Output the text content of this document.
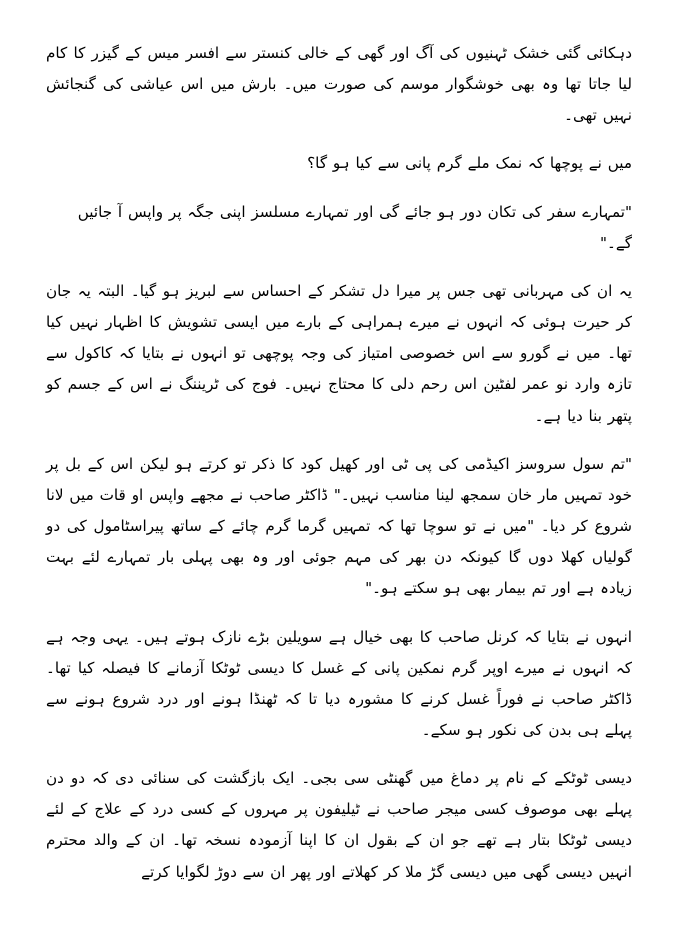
دہکائی گئی خشک ٹہنیوں کی آگ اور گھی کے خالی کنستر سے افسر میس کے گیزر کا کام لیا جاتا تھا وہ بھی خوشگوار موسم کی صورت میں۔ بارش میں اس عیاشی کی گنجائش نہیں تھی۔

میں نے پوچھا کہ نمک ملے گرم پانی سے کیا ہو گا؟

"تمہارے سفر کی تکان دور ہو جائے گی اور تمہارے مسلسز اپنی جگہ پر واپس آ جائیں گے۔"

یہ ان کی مہربانی تھی جس پر میرا دل تشکر کے احساس سے لبریز ہو گیا۔ البتہ یہ جان کر حیرت ہوئی کہ انہوں نے میرے ہمراہی کے بارے میں ایسی تشویش کا اظہار نہیں کیا تھا۔ میں نے گورو سے اس خصوصی امتیاز کی وجہ پوچھی تو انہوں نے بتایا کہ کاکول سے تازہ وارد نو عمر لفٹین اس رحم دلی کا محتاج نہیں۔ فوج کی ٹریننگ نے اس کے جسم کو پتھر بنا دیا ہے۔

"تم سول سروسز اکیڈمی کی پی ٹی اور کھیل کود کا ذکر تو کرتے ہو لیکن اس کے بل پر خود تمہیں مار خان سمجھ لینا مناسب نہیں۔" ڈاکٹر صاحب نے مجھے واپس او قات میں لانا شروع کر دیا۔ "میں نے تو سوچا تھا کہ تمہیں گرما گرم چائے کے ساتھ پیراسٹامول کی دو گولیاں کھلا دوں گا کیونکہ دن بھر کی مہم جوئی اور وہ بھی پہلی بار تمہارے لئے بہت زیادہ ہے اور تم بیمار بھی ہو سکتے ہو۔"

انہوں نے بتایا کہ کرنل صاحب کا بھی خیال ہے سویلین بڑے نازک ہوتے ہیں۔ یہی وجہ ہے کہ انہوں نے میرے اوپر گرم نمکین پانی کے غسل کا دیسی ٹوٹکا آزمانے کا فیصلہ کیا تھا۔ ڈاکٹر صاحب نے فوراً غسل کرنے کا مشورہ دیا تا کہ ٹھنڈا ہونے اور درد شروع ہونے سے پہلے ہی بدن کی نکور ہو سکے۔

دیسی ٹوٹکے کے نام پر دماغ میں گھنٹی سی بجی۔ ایک بازگشت کی سنائی دی کہ دو دن پہلے بھی موصوف کسی میجر صاحب نے ٹیلیفون پر مہروں کے کسی درد کے علاج کے لئے دیسی ٹوٹکا بتار ہے تھے جو ان کے بقول ان کا اپنا آزمودہ نسخہ تھا۔ ان کے والد محترم انہیں دیسی گھی میں دیسی گڑ ملا کر کھلاتے اور پھر ان سے دوڑ لگوایا کرتے
